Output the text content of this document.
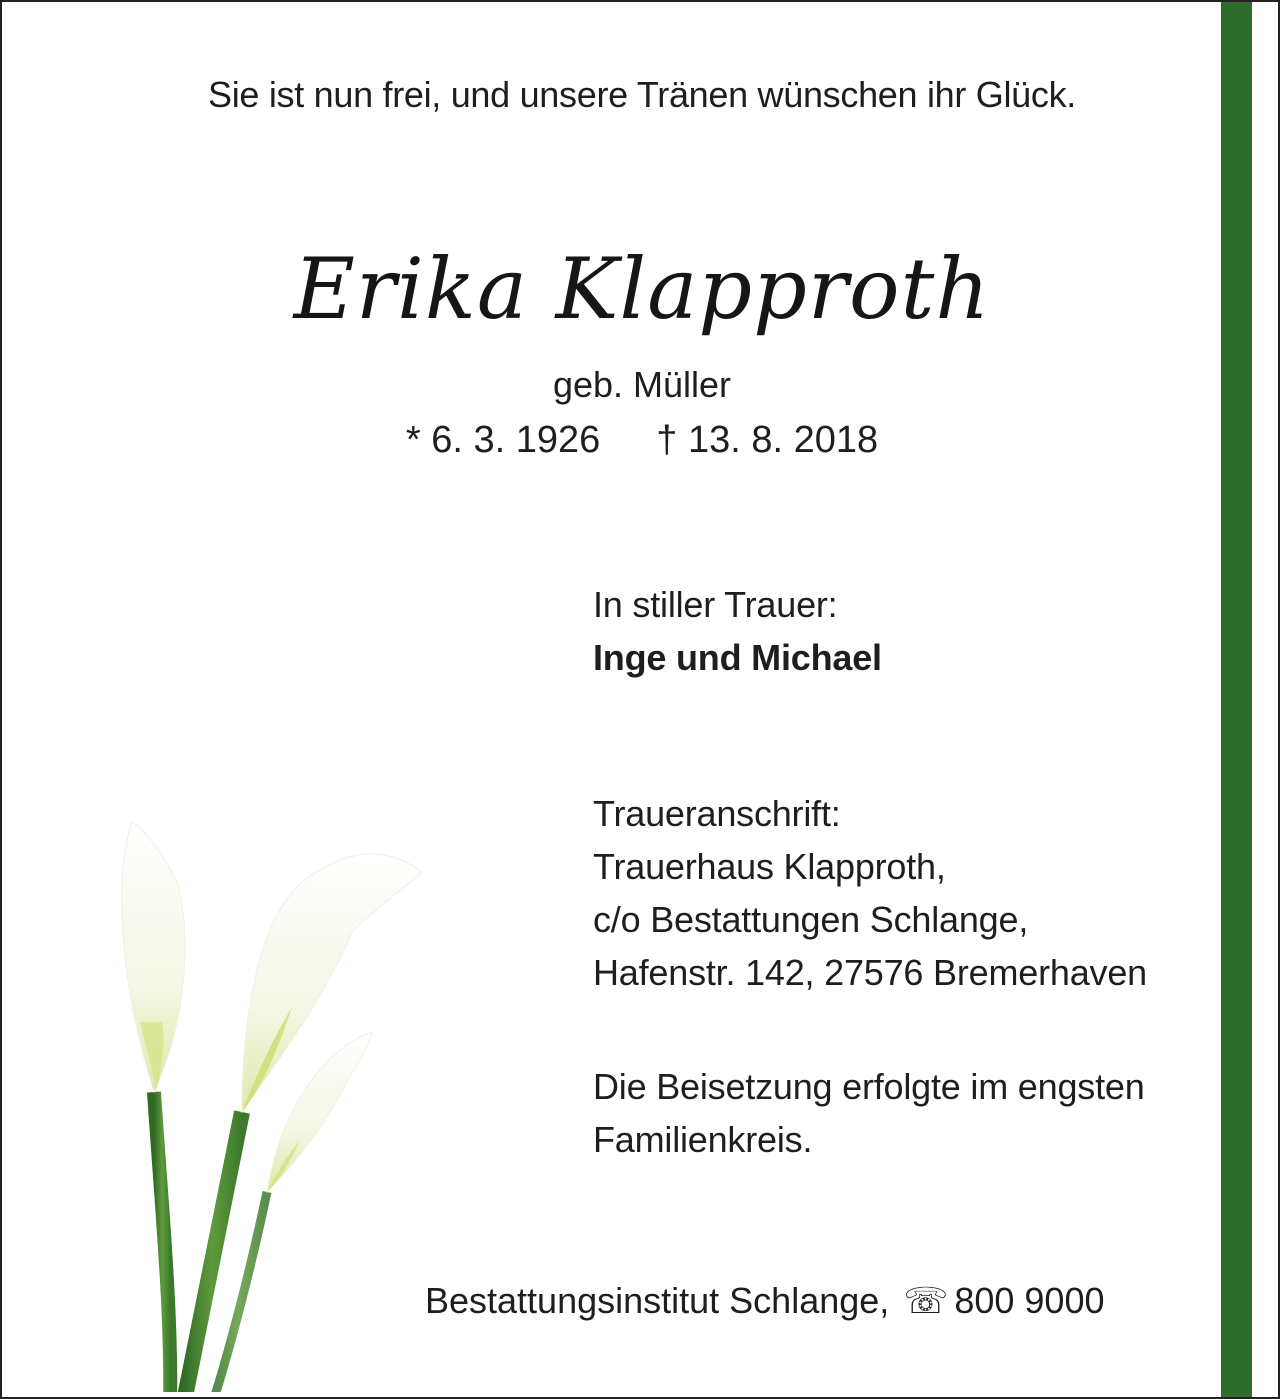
Sie ist nun frei, und unsere Tränen wünschen ihr Glück.
Erika Klapproth
geb. Müller
* 6. 3. 1926 † 13. 8. 2018
In stiller Trauer:
Inge und Michael
Traueranschrift:
Trauerhaus Klapproth,
c/o Bestattungen Schlange,
Hafenstr. 142, 27576 Bremerhaven
Die Beisetzung erfolgte im engsten
Familienkreis.
Bestattungsinstitut Schlange, ☏ 800 9000
